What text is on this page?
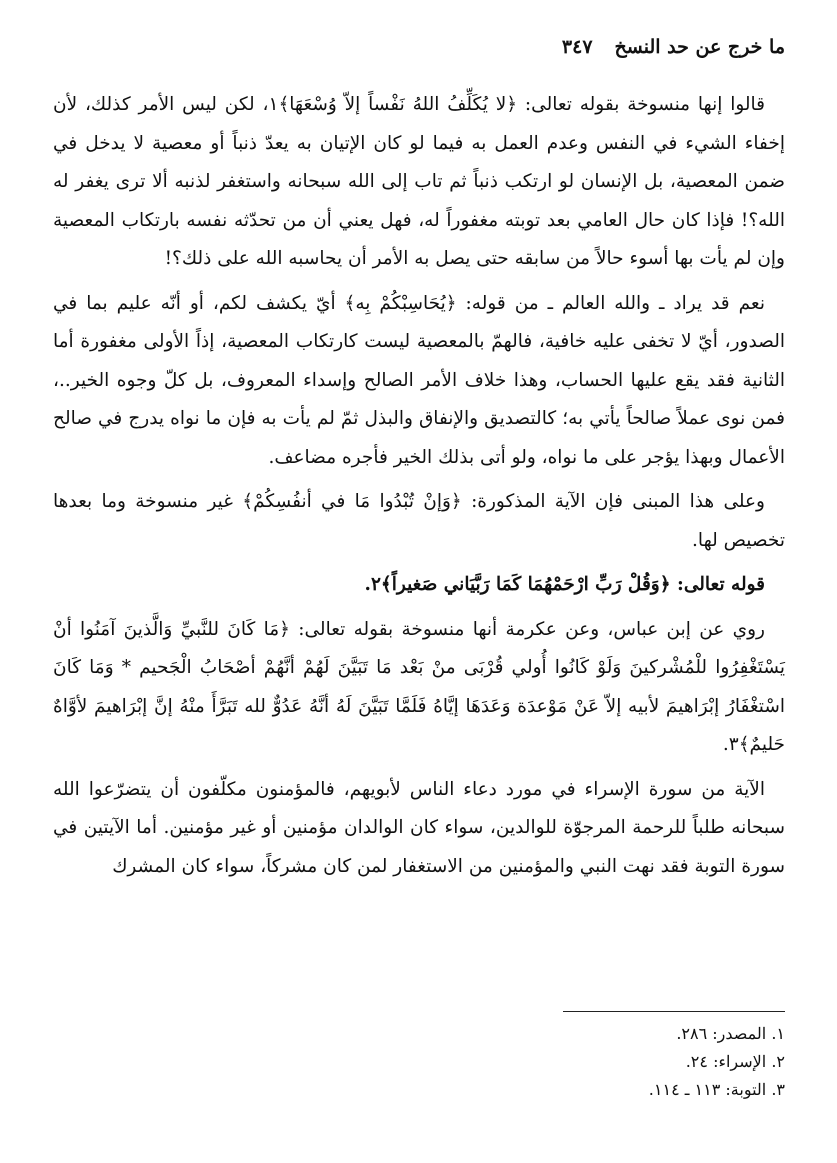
ما خرج عن حد النسخ
٣٤٧

قالوا إنها منسوخة بقوله تعالى: ﴿لا يُكَلِّفُ اللهُ نَفْساً إلاّ وُسْعَهَا﴾١، لكن ليس الأمر كذلك، لأن إخفاء الشيء في النفس وعدم العمل به فيما لو كان الإتيان به يعدّ ذنباً أو معصية لا يدخل في ضمن المعصية، بل الإنسان لو ارتكب ذنباً ثم تاب إلى الله سبحانه واستغفر لذنبه ألا ترى يغفر له الله؟! فإذا كان حال العامي بعد توبته مغفوراً له، فهل يعني أن من تحدّثه نفسه بارتكاب المعصية وإن لم يأت بها أسوء حالاً من سابقه حتى يصل به الأمر أن يحاسبه الله على ذلك؟!

نعم قد يراد ـ والله العالم ـ من قوله: ﴿يُحَاسِبْكُمْ بِه﴾ أيّ يكشف لكم، أو أنّه عليم بما في الصدور، أيّ لا تخفى عليه خافية، فالهمّ بالمعصية ليست كارتكاب المعصية، إذاً الأولى مغفورة أما الثانية فقد يقع عليها الحساب، وهذا خلاف الأمر الصالح وإسداء المعروف، بل كلّ وجوه الخير..، فمن نوى عملاً صالحاً يأتي به؛ كالتصديق والإنفاق والبذل ثمّ لم يأت به فإن ما نواه يدرج في صالح الأعمال وبهذا يؤجر على ما نواه، ولو أتى بذلك الخير فأجره مضاعف.

وعلى هذا المبنى فإن الآية المذكورة: ﴿وَإنْ تُبْدُوا مَا في أنفُسِكُمْ﴾ غير منسوخة وما بعدها تخصيص لها.

قوله تعالى: ﴿وَقُلْ رَبِّ ارْحَمْهُمَا كَمَا رَبَّيَاني صَغيراً﴾٢.

روي عن إبن عباس، وعن عكرمة أنها منسوخة بقوله تعالى: ﴿مَا كَانَ للنَّبيِّ وَالَّذينَ آمَنُوا أنْ يَسْتَغْفِرُوا للْمُشْركينَ وَلَوْ كَانُوا أُولي قُرْبَى منْ بَعْد مَا تَبَيَّنَ لَهُمْ أنَّهُمْ أصْحَابُ الْجَحيم * وَمَا كَانَ اسْتغْفَارُ إبْرَاهيمَ لأبيه إلاّ عَنْ مَوْعدَة وَعَدَهَا إيَّاهُ فَلَمَّا تَبَيَّنَ لَهُ أنَّهُ عَدُوٌّ لله تَبَرَّأَ منْهُ إنَّ إبْرَاهيمَ لأوَّاهٌ حَليمٌ﴾٣.

الآية من سورة الإسراء في مورد دعاء الناس لأبويهم، فالمؤمنون مكلّفون أن يتضرّعوا الله سبحانه طلباً للرحمة المرجوّة للوالدين، سواء كان الوالدان مؤمنين أو غير مؤمنين. أما الآيتين في سورة التوبة فقد نهت النبي والمؤمنين من الاستغفار لمن كان مشركاً، سواء كان المشرك

١. المصدر: ٢٨٦.
٢. الإسراء: ٢٤.
٣. التوبة: ١١٣ ـ ١١٤.
